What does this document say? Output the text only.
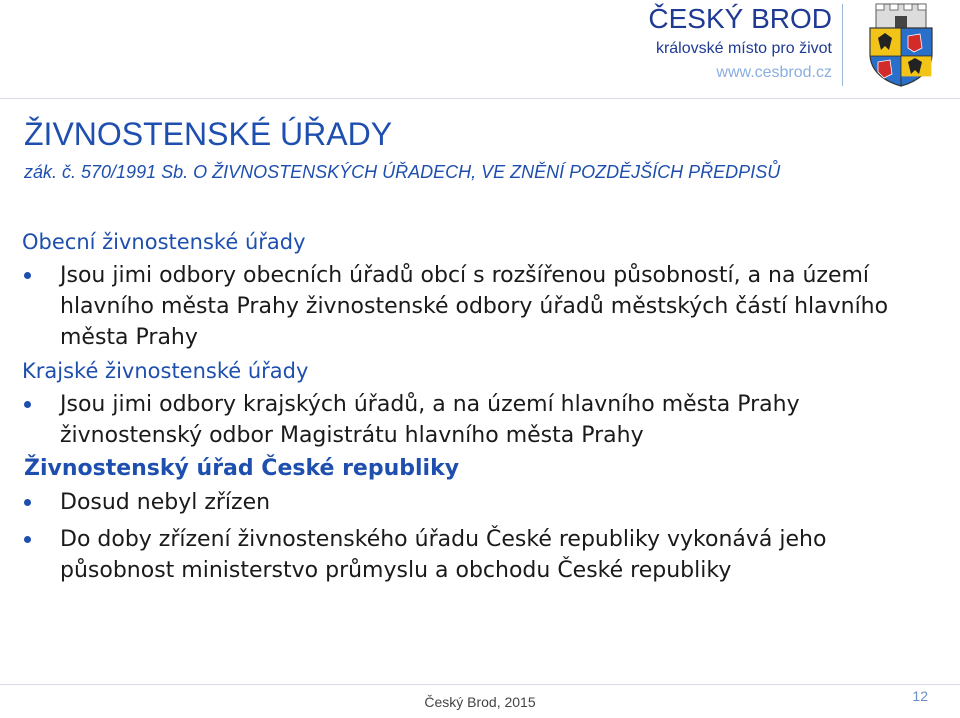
ČESKÝ BROD
královské místo pro život
www.cesbrod.cz
ŽIVNOSTENSKÉ ÚŘADY
zák. č. 570/1991 Sb. O ŽIVNOSTENSKÝCH ÚŘADECH, VE ZNĚNÍ POZDĚJŠÍCH PŘEDPISŮ
Obecní živnostenské úřady
Jsou jimi odbory obecních úřadů obcí s rozšířenou působností, a na území hlavního města Prahy živnostenské odbory úřadů městských částí hlavního města Prahy
Krajské živnostenské úřady
Jsou jimi odbory krajských úřadů, a na území hlavního města Prahy živnostenský odbor Magistrátu hlavního města Prahy
Živnostenský úřad České republiky
Dosud nebyl zřízen
Do doby zřízení živnostenského úřadu České republiky vykonává jeho působnost ministerstvo průmyslu a obchodu České republiky
Český Brod, 2015	12
